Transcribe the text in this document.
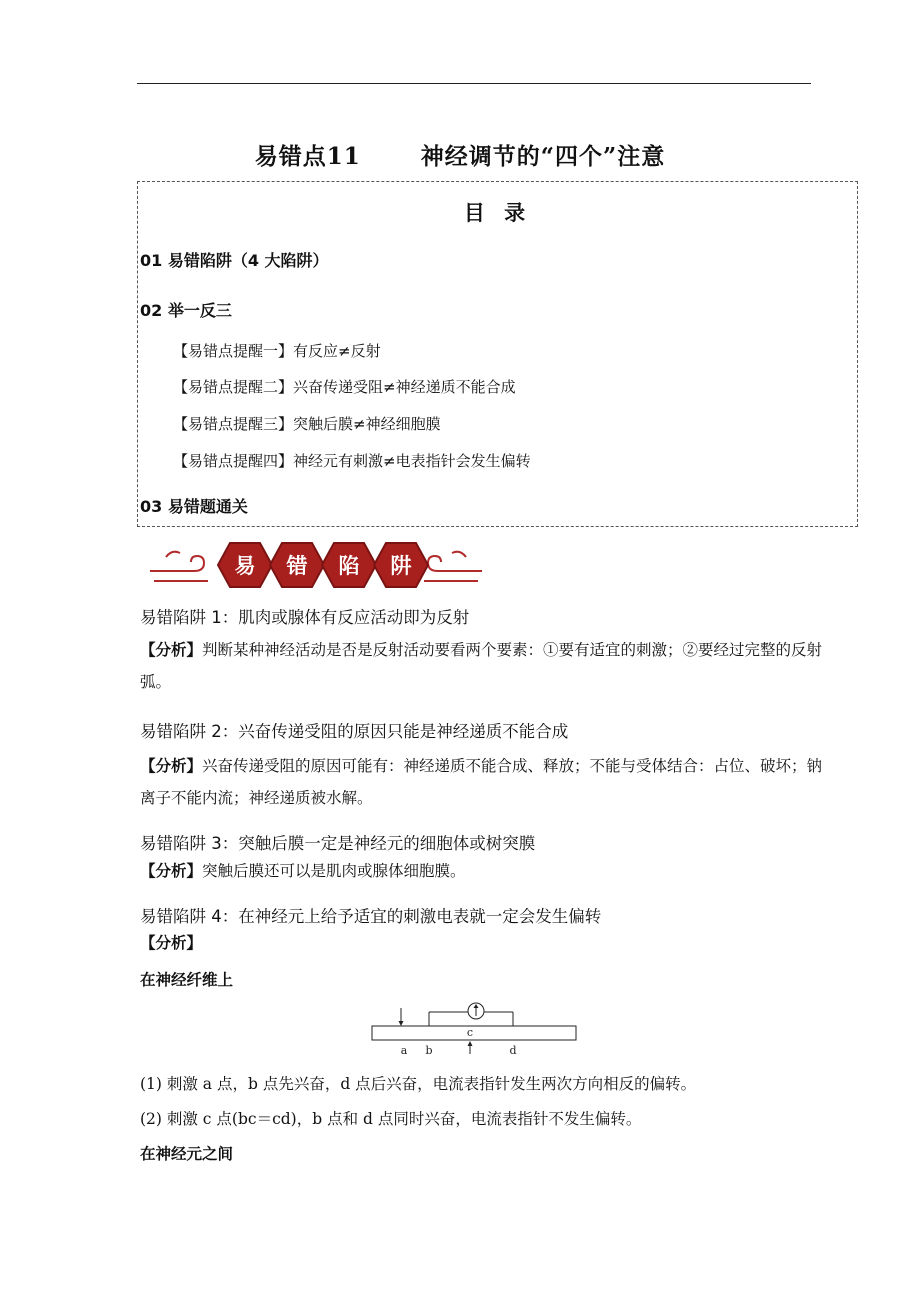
易错点11	神经调节的“四个”注意
目 录
01 易错陷阱（4 大陷阱）
02 举一反三
【易错点提醒一】有反应≠反射
【易错点提醒二】兴奋传递受阻≠神经递质不能合成
【易错点提醒三】突触后膜≠神经细胞膜
【易错点提醒四】神经元有刺激≠电表指针会发生偏转
03 易错题通关
易 错 陷 阱
易错陷阱 1：肌肉或腺体有反应活动即为反射
【分析】判断某种神经活动是否是反射活动要看两个要素：①要有适宜的刺激；②要经过完整的反射弧。
易错陷阱 2：兴奋传递受阻的原因只能是神经递质不能合成
【分析】兴奋传递受阻的原因可能有：神经递质不能合成、释放；不能与受体结合：占位、破坏；钠离子不能内流；神经递质被水解。
易错陷阱 3：突触后膜一定是神经元的细胞体或树突膜
【分析】突触后膜还可以是肌肉或腺体细胞膜。
易错陷阱 4：在神经元上给予适宜的刺激电表就一定会发生偏转
【分析】
在神经纤维上
a b
c
d
(1) 刺激 a 点，b 点先兴奋，d 点后兴奋，电流表指针发生两次方向相反的偏转。
(2) 刺激 c 点(bc＝cd)，b 点和 d 点同时兴奋，电流表指针不发生偏转。
在神经元之间
